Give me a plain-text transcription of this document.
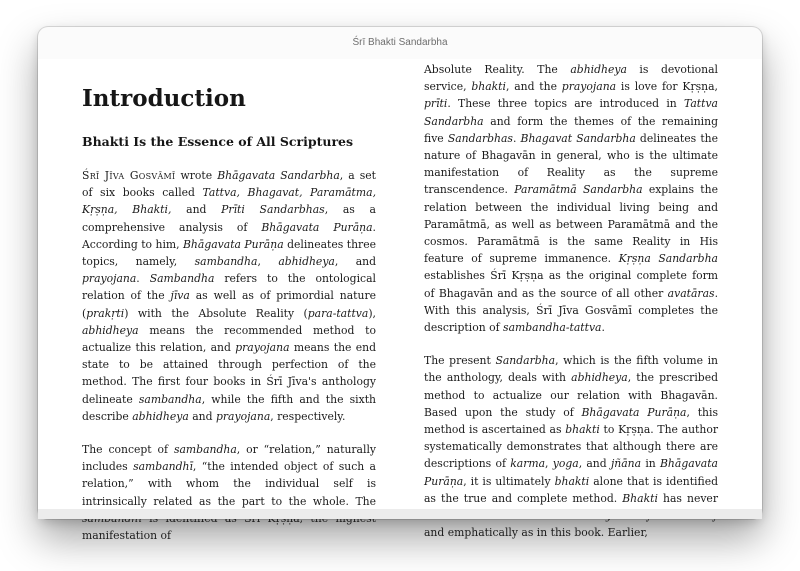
Śrī Bhakti Sandarbha
Introduction
Bhakti Is the Essence of All Scriptures

Śrī Jīva Gosvāmī wrote Bhāgavata Sandarbha, a set of six books called Tattva, Bhagavat, Paramātma, Kṛṣṇa, Bhakti, and Prīti Sandarbhas, as a comprehensive analysis of Bhāgavata Purāṇa. According to him, Bhāgavata Purāṇa delineates three topics, namely, sambandha, abhidheya, and prayojana. Sambandha refers to the ontological relation of the jīva as well as of primordial nature (prakṛti) with the Absolute Reality (para-tattva), abhidheya means the recommended method to actualize this relation, and prayojana means the end state to be attained through perfection of the method. The first four books in Śrī Jīva's anthology delineate sambandha, while the fifth and the sixth describe abhidheya and prayojana, respectively.

The concept of sambandha, or “relation,” naturally includes sambandhī, “the intended object of such a relation,” with whom the individual self is intrinsically related as the part to the whole. The manifestation of

Absolute Reality. The abhidheya is devotional service, bhakti, and the prayojana is love for Kṛṣṇa, prīti. These three topics are introduced in Tattva Sandarbha and form the themes of the remaining five Sandarbhas. Bhagavat Sandarbha delineates the nature of Bhagavān in general, who is the ultimate manifestation of Reality as the supreme transcendence. Paramātmā Sandarbha explains the relation between the individual living being and Paramātmā, as well as between Paramātmā and the cosmos. Paramātmā is the same Reality in His feature of supreme immanence. Kṛṣṇa Sandarbha establishes Śrī Kṛṣṇa as the original complete form of Bhagavān and as the source of all other avatāras. With this analysis, Śrī Jīva Gosvāmī completes the description of sambandha-tattva.

The present Sandarbha, which is the fifth volume in the anthology, deals with abhidheya, the prescribed method to actualize our relation with Bhagavān. Based upon the study of Bhāgavata Purāṇa, this method is ascertained as bhakti to Kṛṣṇa. The author systematically demonstrates that although there are descriptions of karma, yoga, and jñāna in Bhāgavata Purāṇa, it is ultimately bhakti alone that is identified as the true and complete method. Bhakti has never and emphatically as in this book. Earlier,
